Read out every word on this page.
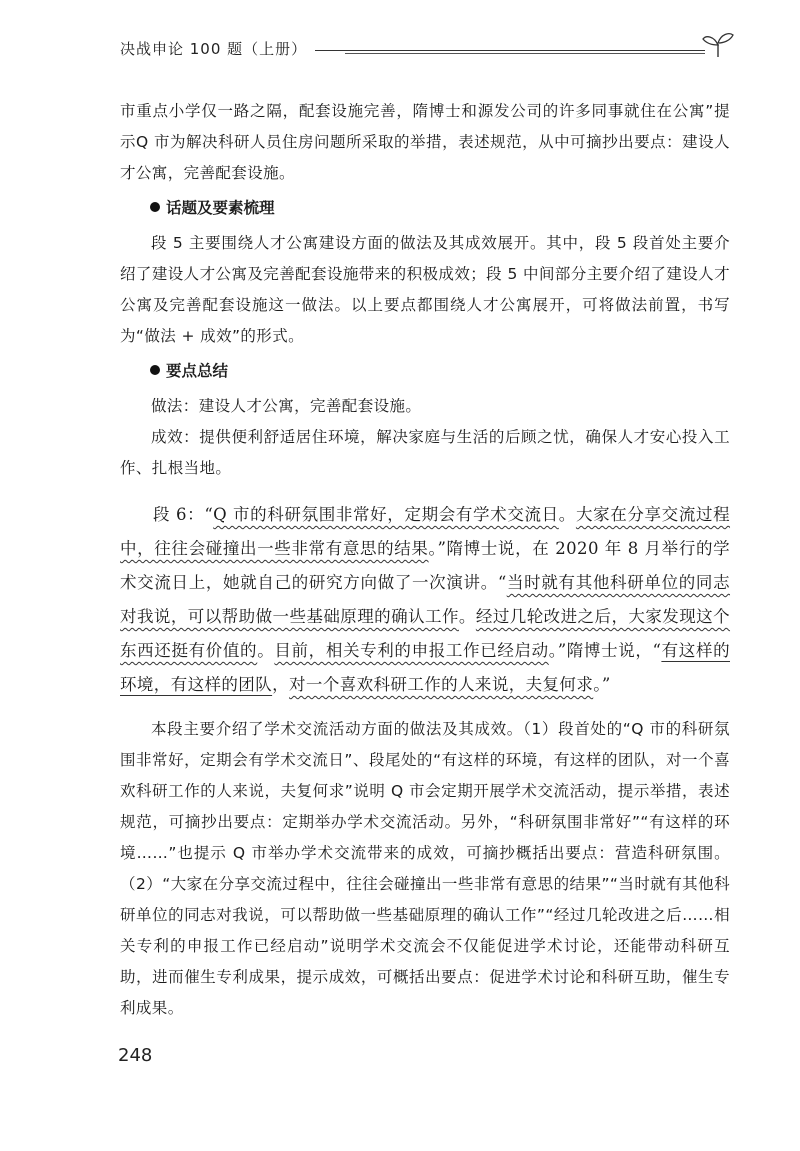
决战申论 100 题（上册）

市重点小学仅一路之隔，配套设施完善，隋博士和源发公司的许多同事就住在公寓”提示Q 市为解决科研人员住房问题所采取的举措，表述规范，从中可摘抄出要点：建设人才公寓，完善配套设施。

话题及要素梳理

段 5 主要围绕人才公寓建设方面的做法及其成效展开。其中，段 5 段首处主要介绍了建设人才公寓及完善配套设施带来的积极成效；段 5 中间部分主要介绍了建设人才公寓及完善配套设施这一做法。以上要点都围绕人才公寓展开，可将做法前置，书写为“做法 + 成效”的形式。

要点总结

做法：建设人才公寓，完善配套设施。

成效：提供便利舒适居住环境，解决家庭与生活的后顾之忧，确保人才安心投入工作、扎根当地。

段 6：“Q 市的科研氛围非常好，定期会有学术交流日。大家在分享交流过程中，往往会碰撞出一些非常有意思的结果。”隋博士说，在 2020 年 8 月举行的学术交流日上，她就自己的研究方向做了一次演讲。“当时就有其他科研单位的同志对我说，可以帮助做一些基础原理的确认工作。经过几轮改进之后，大家发现这个东西还挺有价值的。目前，相关专利的申报工作已经启动。”隋博士说，“有这样的环境，有这样的团队，对一个喜欢科研工作的人来说，夫复何求。”

本段主要介绍了学术交流活动方面的做法及其成效。（1）段首处的“Q 市的科研氛围非常好，定期会有学术交流日”、段尾处的“有这样的环境，有这样的团队，对一个喜欢科研工作的人来说，夫复何求”说明 Q 市会定期开展学术交流活动，提示举措，表述规范，可摘抄出要点：定期举办学术交流活动。另外，“科研氛围非常好”“有这样的环境……”也提示 Q 市举办学术交流带来的成效，可摘抄概括出要点：营造科研氛围。（2）“大家在分享交流过程中，往往会碰撞出一些非常有意思的结果”“当时就有其他科研单位的同志对我说，可以帮助做一些基础原理的确认工作”“经过几轮改进之后……相关专利的申报工作已经启动”说明学术交流会不仅能促进学术讨论，还能带动科研互助，进而催生专利成果，提示成效，可概括出要点：促进学术讨论和科研互助，催生专利成果。

248
